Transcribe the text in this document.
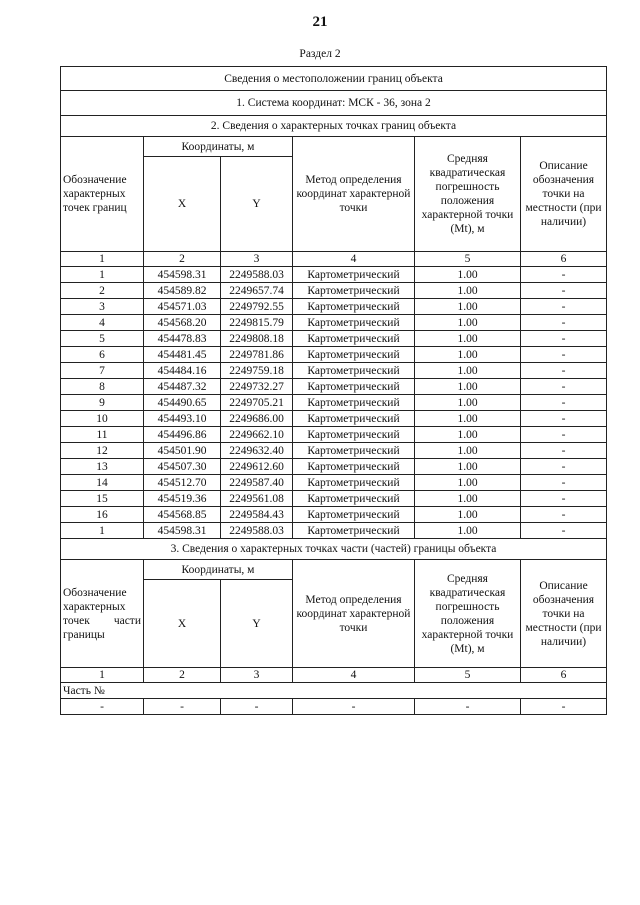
21
Раздел 2
Сведения о местоположении границ объекта					
1. Система координат: МСК - 36, зона 2					
2. Сведения о характерных точках границ объекта					
Обозначение характерных точек границ	Координаты, м		Метод определения координат характерной точки	Средняя квадратическая погрешность положения характерной точки (Mt), м	Описание обозначения точки на местности (при наличии)
	X	Y			
1	2	3	4	5	6
1	454598.31	2249588.03	Картометрический	1.00	-
2	454589.82	2249657.74	Картометрический	1.00	-
3	454571.03	2249792.55	Картометрический	1.00	-
4	454568.20	2249815.79	Картометрический	1.00	-
5	454478.83	2249808.18	Картометрический	1.00	-
6	454481.45	2249781.86	Картометрический	1.00	-
7	454484.16	2249759.18	Картометрический	1.00	-
8	454487.32	2249732.27	Картометрический	1.00	-
9	454490.65	2249705.21	Картометрический	1.00	-
10	454493.10	2249686.00	Картометрический	1.00	-
11	454496.86	2249662.10	Картометрический	1.00	-
12	454501.90	2249632.40	Картометрический	1.00	-
13	454507.30	2249612.60	Картометрический	1.00	-
14	454512.70	2249587.40	Картометрический	1.00	-
15	454519.36	2249561.08	Картометрический	1.00	-
16	454568.85	2249584.43	Картометрический	1.00	-
1	454598.31	2249588.03	Картометрический	1.00	-
3. Сведения о характерных точках части (частей) границы объекта					
Обозначение характерных точек части границы	Координаты, м		Метод определения координат характерной точки	Средняя квадратическая погрешность положения характерной точки (Mt), м	Описание обозначения точки на местности (при наличии)
	X	Y			
1	2	3	4	5	6
Часть №					
-	-	-	-	-	-
